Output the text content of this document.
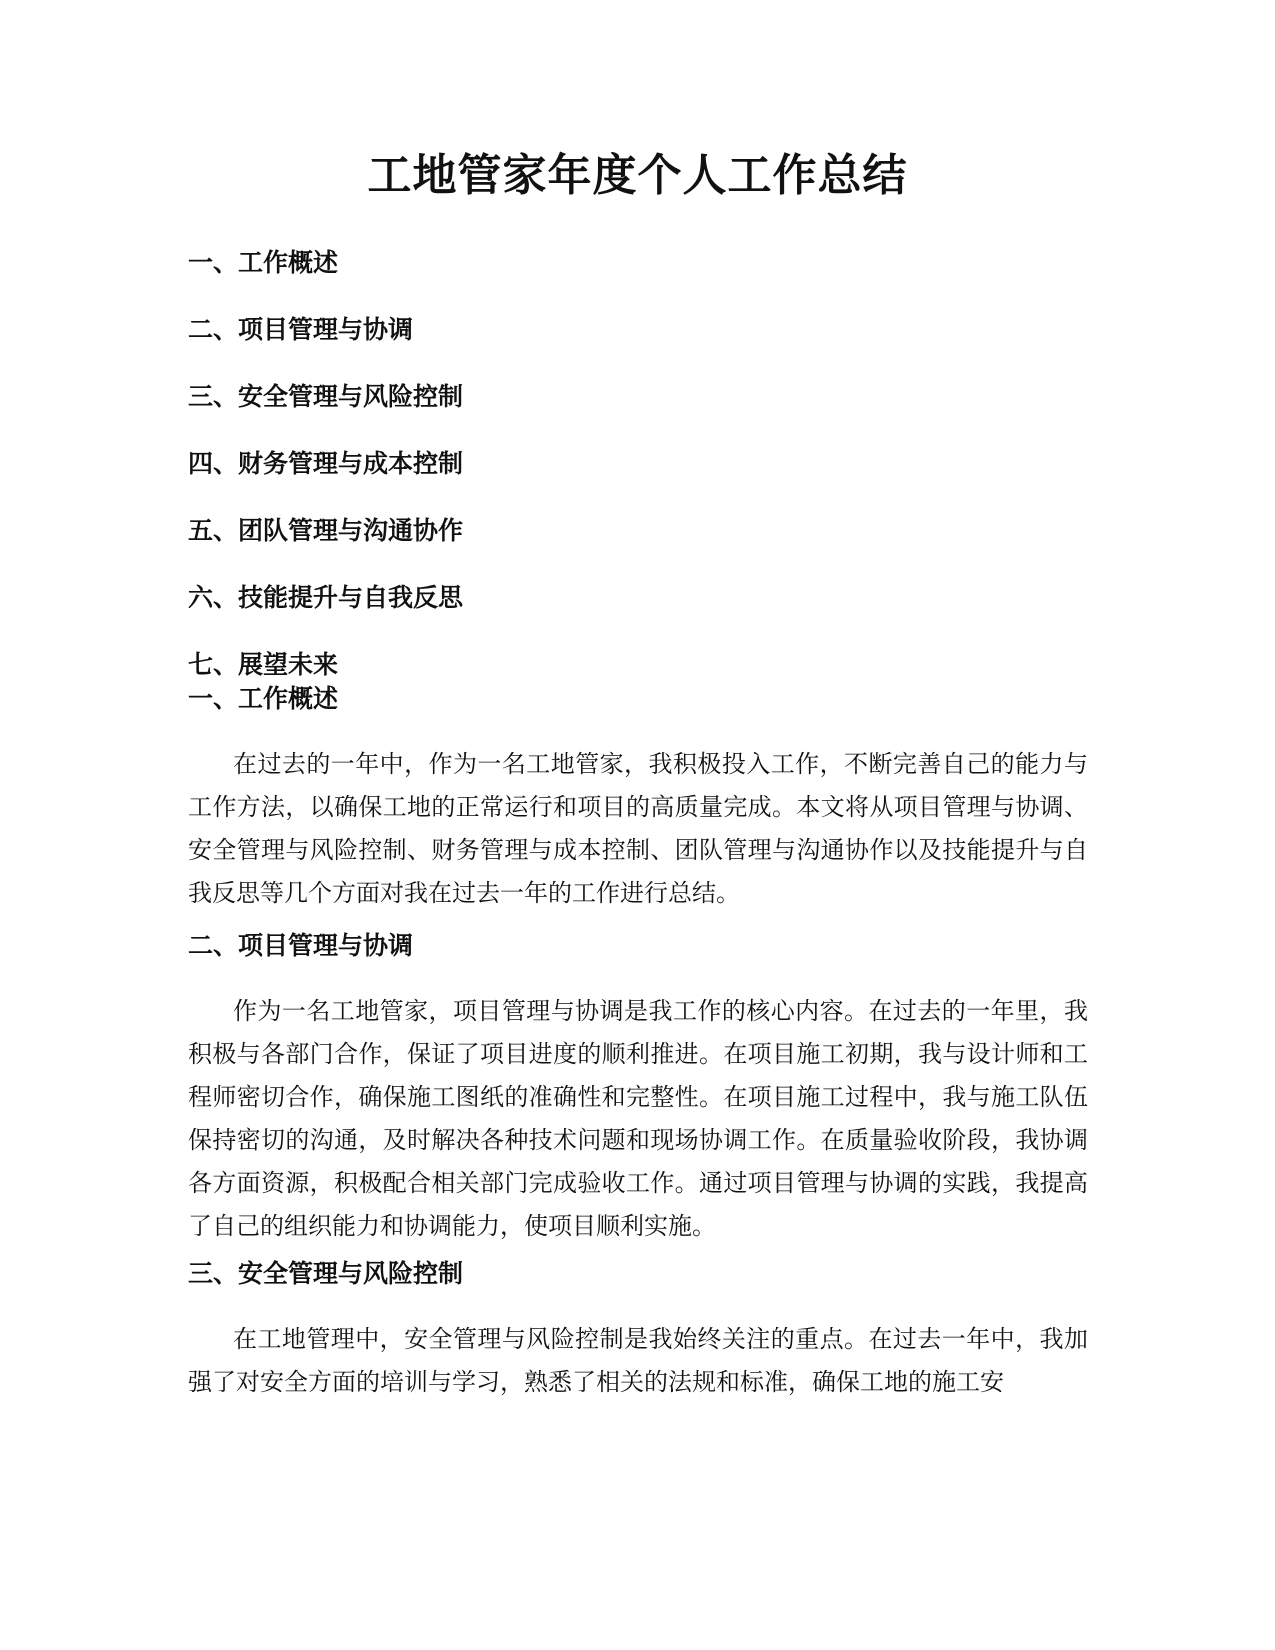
工地管家年度个人工作总结
一、工作概述
二、项目管理与协调
三、安全管理与风险控制
四、财务管理与成本控制
五、团队管理与沟通协作
六、技能提升与自我反思
七、展望未来
一、工作概述

在过去的一年中，作为一名工地管家，我积极投入工作，不断完善自己的能力与工作方法，以确保工地的正常运行和项目的高质量完成。本文将从项目管理与协调、安全管理与风险控制、财务管理与成本控制、团队管理与沟通协作以及技能提升与自我反思等几个方面对我在过去一年的工作进行总结。

二、项目管理与协调

作为一名工地管家，项目管理与协调是我工作的核心内容。在过去的一年里，我积极与各部门合作，保证了项目进度的顺利推进。在项目施工初期，我与设计师和工程师密切合作，确保施工图纸的准确性和完整性。在项目施工过程中，我与施工队伍保持密切的沟通，及时解决各种技术问题和现场协调工作。在质量验收阶段，我协调各方面资源，积极配合相关部门完成验收工作。通过项目管理与协调的实践，我提高了自己的组织能力和协调能力，使项目顺利实施。

三、安全管理与风险控制

在工地管理中，安全管理与风险控制是我始终关注的重点。在过去一年中，我加强了对安全方面的培训与学习，熟悉了相关的法规和标准，确保工地的施工安
